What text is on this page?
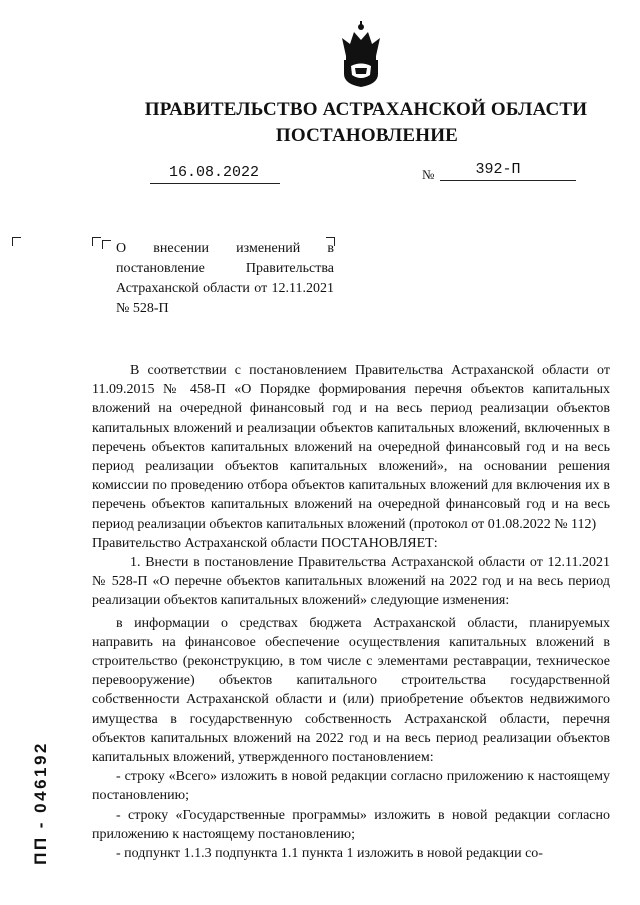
ПРАВИТЕЛЬСТВО АСТРАХАНСКОЙ ОБЛАСТИ
ПОСТАНОВЛЕНИЕ
16.08.2022	№	392-П
О внесении изменений в постановление Правительства Астраханской области от 12.11.2021 № 528-П

В соответствии с постановлением Правительства Астраханской области от 11.09.2015 № 458-П «О Порядке формирования перечня объектов капитальных вложений на очередной финансовый год и на весь период реализации объектов капитальных вложений и реализации объектов капитальных вложений, включенных в перечень объектов капитальных вложений на очередной финансовый год и на весь период реализации объектов капитальных вложений», на основании решения комиссии по проведению отбора объектов капитальных вложений для включения их в перечень объектов капитальных вложений на очередной финансовый год и на весь период реализации объектов капитальных вложений (протокол от 01.08.2022 № 112)

Правительство Астраханской области ПОСТАНОВЛЯЕТ:

1. Внести в постановление Правительства Астраханской области от 12.11.2021 № 528-П «О перечне объектов капитальных вложений на 2022 год и на весь период реализации объектов капитальных вложений» следующие изменения:

в информации о средствах бюджета Астраханской области, планируемых направить на финансовое обеспечение осуществления капитальных вложений в строительство (реконструкцию, в том числе с элементами реставрации, техническое перевооружение) объектов капитального строительства государственной собственности Астраханской области и (или) приобретение объектов недвижимого имущества в государственную собственность Астраханской области, перечня объектов капитальных вложений на 2022 год и на весь период реализации объектов капитальных вложений, утвержденного постановлением:

- строку «Всего» изложить в новой редакции согласно приложению к настоящему постановлению;

- строку «Государственные программы» изложить в новой редакции согласно приложению к настоящему постановлению;

- подпункт 1.1.3 подпункта 1.1 пункта 1 изложить в новой редакции со-

ПП - 046192
